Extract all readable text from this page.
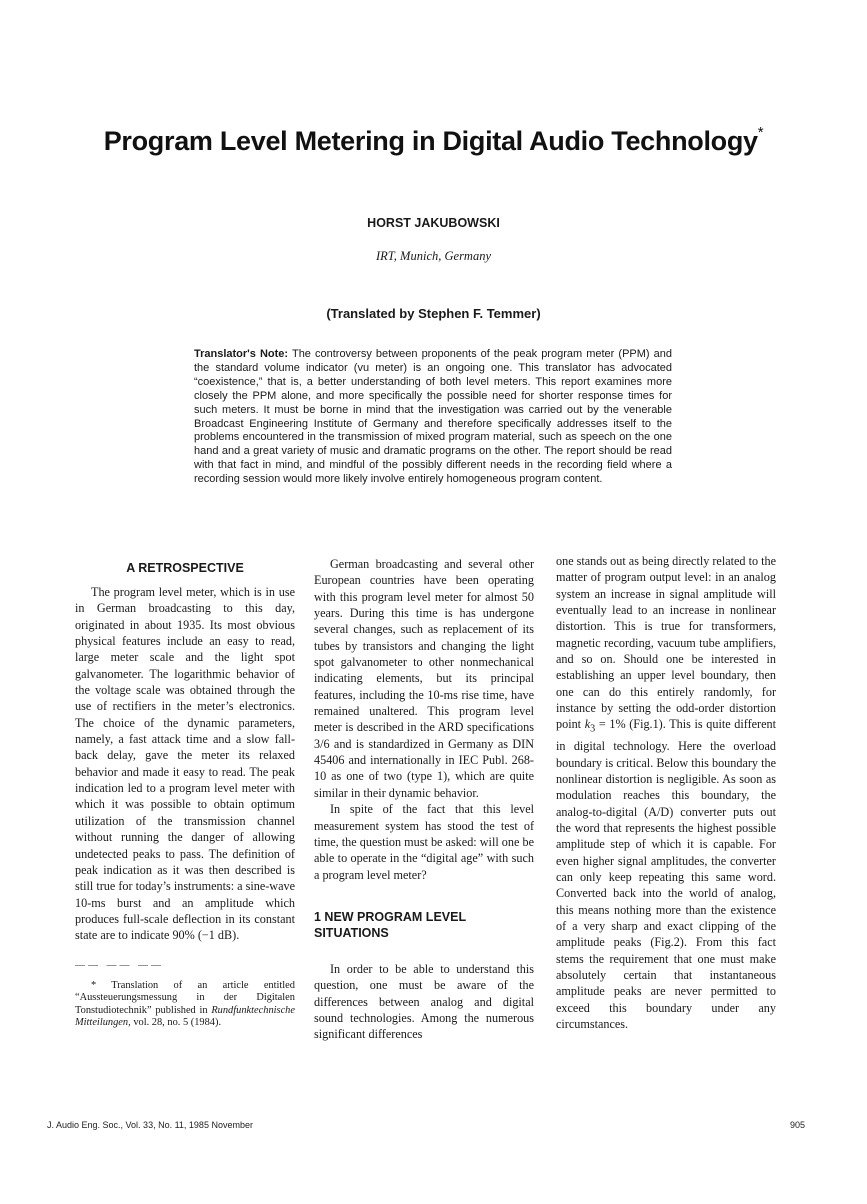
Program Level Metering in Digital Audio Technology*
HORST JAKUBOWSKI
IRT, Munich, Germany
(Translated by Stephen F. Temmer)

Translator's Note: The controversy between proponents of the peak program meter (PPM) and the standard volume indicator (vu meter) is an ongoing one. This translator has advocated “coexistence,” that is, a better understanding of both level meters. This report examines more closely the PPM alone, and more specifically the possible need for shorter response times for such meters. It must be borne in mind that the investigation was carried out by the venerable Broadcast Engineering Institute of Germany and therefore specifically addresses itself to the problems encountered in the transmission of mixed program material, such as speech on the one hand and a great variety of music and dramatic programs on the other. The report should be read with that fact in mind, and mindful of the possibly different needs in the recording field where a recording session would more likely involve entirely homogeneous program content.

A RETROSPECTIVE

The program level meter, which is in use in German broadcasting to this day, originated in about 1935. Its most obvious physical features include an easy to read, large meter scale and the light spot galvanometer. The logarithmic behavior of the voltage scale was obtained through the use of rectifiers in the meter’s electronics. The choice of the dynamic parameters, namely, a fast attack time and a slow fall-back delay, gave the meter its relaxed behavior and made it easy to read. The peak indication led to a program level meter with which it was possible to obtain optimum utilization of the transmission channel without running the danger of allowing undetected peaks to pass. The definition of peak indication as it was then described is still true for today’s instruments: a sine-wave 10-ms burst and an amplitude which produces full-scale deflection in its constant state are to indicate 90% (−1 dB).

—— —— ——

* Translation of an article entitled “Aussteuerungsmessung in der Digitalen Tonstudiotechnik” published in Rundfunktechnische Mitteilungen, vol. 28, no. 5 (1984).

German broadcasting and several other European countries have been operating with this program level meter for almost 50 years. During this time is has undergone several changes, such as replacement of its tubes by transistors and changing the light spot galvanometer to other nonmechanical indicating elements, but its principal features, including the 10-ms rise time, have remained unaltered. This program level meter is described in the ARD specifications 3/6 and is standardized in Germany as DIN 45406 and internationally in IEC Publ. 268-10 as one of two (type 1), which are quite similar in their dynamic behavior.

In spite of the fact that this level measurement system has stood the test of time, the question must be asked: will one be able to operate in the “digital age” with such a program level meter?

1 NEW PROGRAM LEVEL SITUATIONS

In order to be able to understand this question, one must be aware of the differences between analog and digital sound technologies. Among the numerous significant differences

one stands out as being directly related to the matter of program output level: in an analog system an increase in signal amplitude will eventually lead to an increase in nonlinear distortion. This is true for transformers, magnetic recording, vacuum tube amplifiers, and so on. Should one be interested in establishing an upper level boundary, then one can do this entirely randomly, for instance by setting the odd-order distortion point $k_3 = 1\%$ (Fig.1). This is quite different in digital technology. Here the overload boundary is critical. Below this boundary the nonlinear distortion is negligible. As soon as modulation reaches this boundary, the analog-to-digital (A/D) converter puts out the word that represents the highest possible amplitude step of which it is capable. For even higher signal amplitudes, the converter can only keep repeating this same word. Converted back into the world of analog, this means nothing more than the existence of a very sharp and exact clipping of the amplitude peaks (Fig.2). From this fact stems the requirement that one must make absolutely certain that instantaneous amplitude peaks are never permitted to exceed this boundary under any circumstances.

J. Audio Eng. Soc., Vol. 33, No. 11, 1985 November	905
